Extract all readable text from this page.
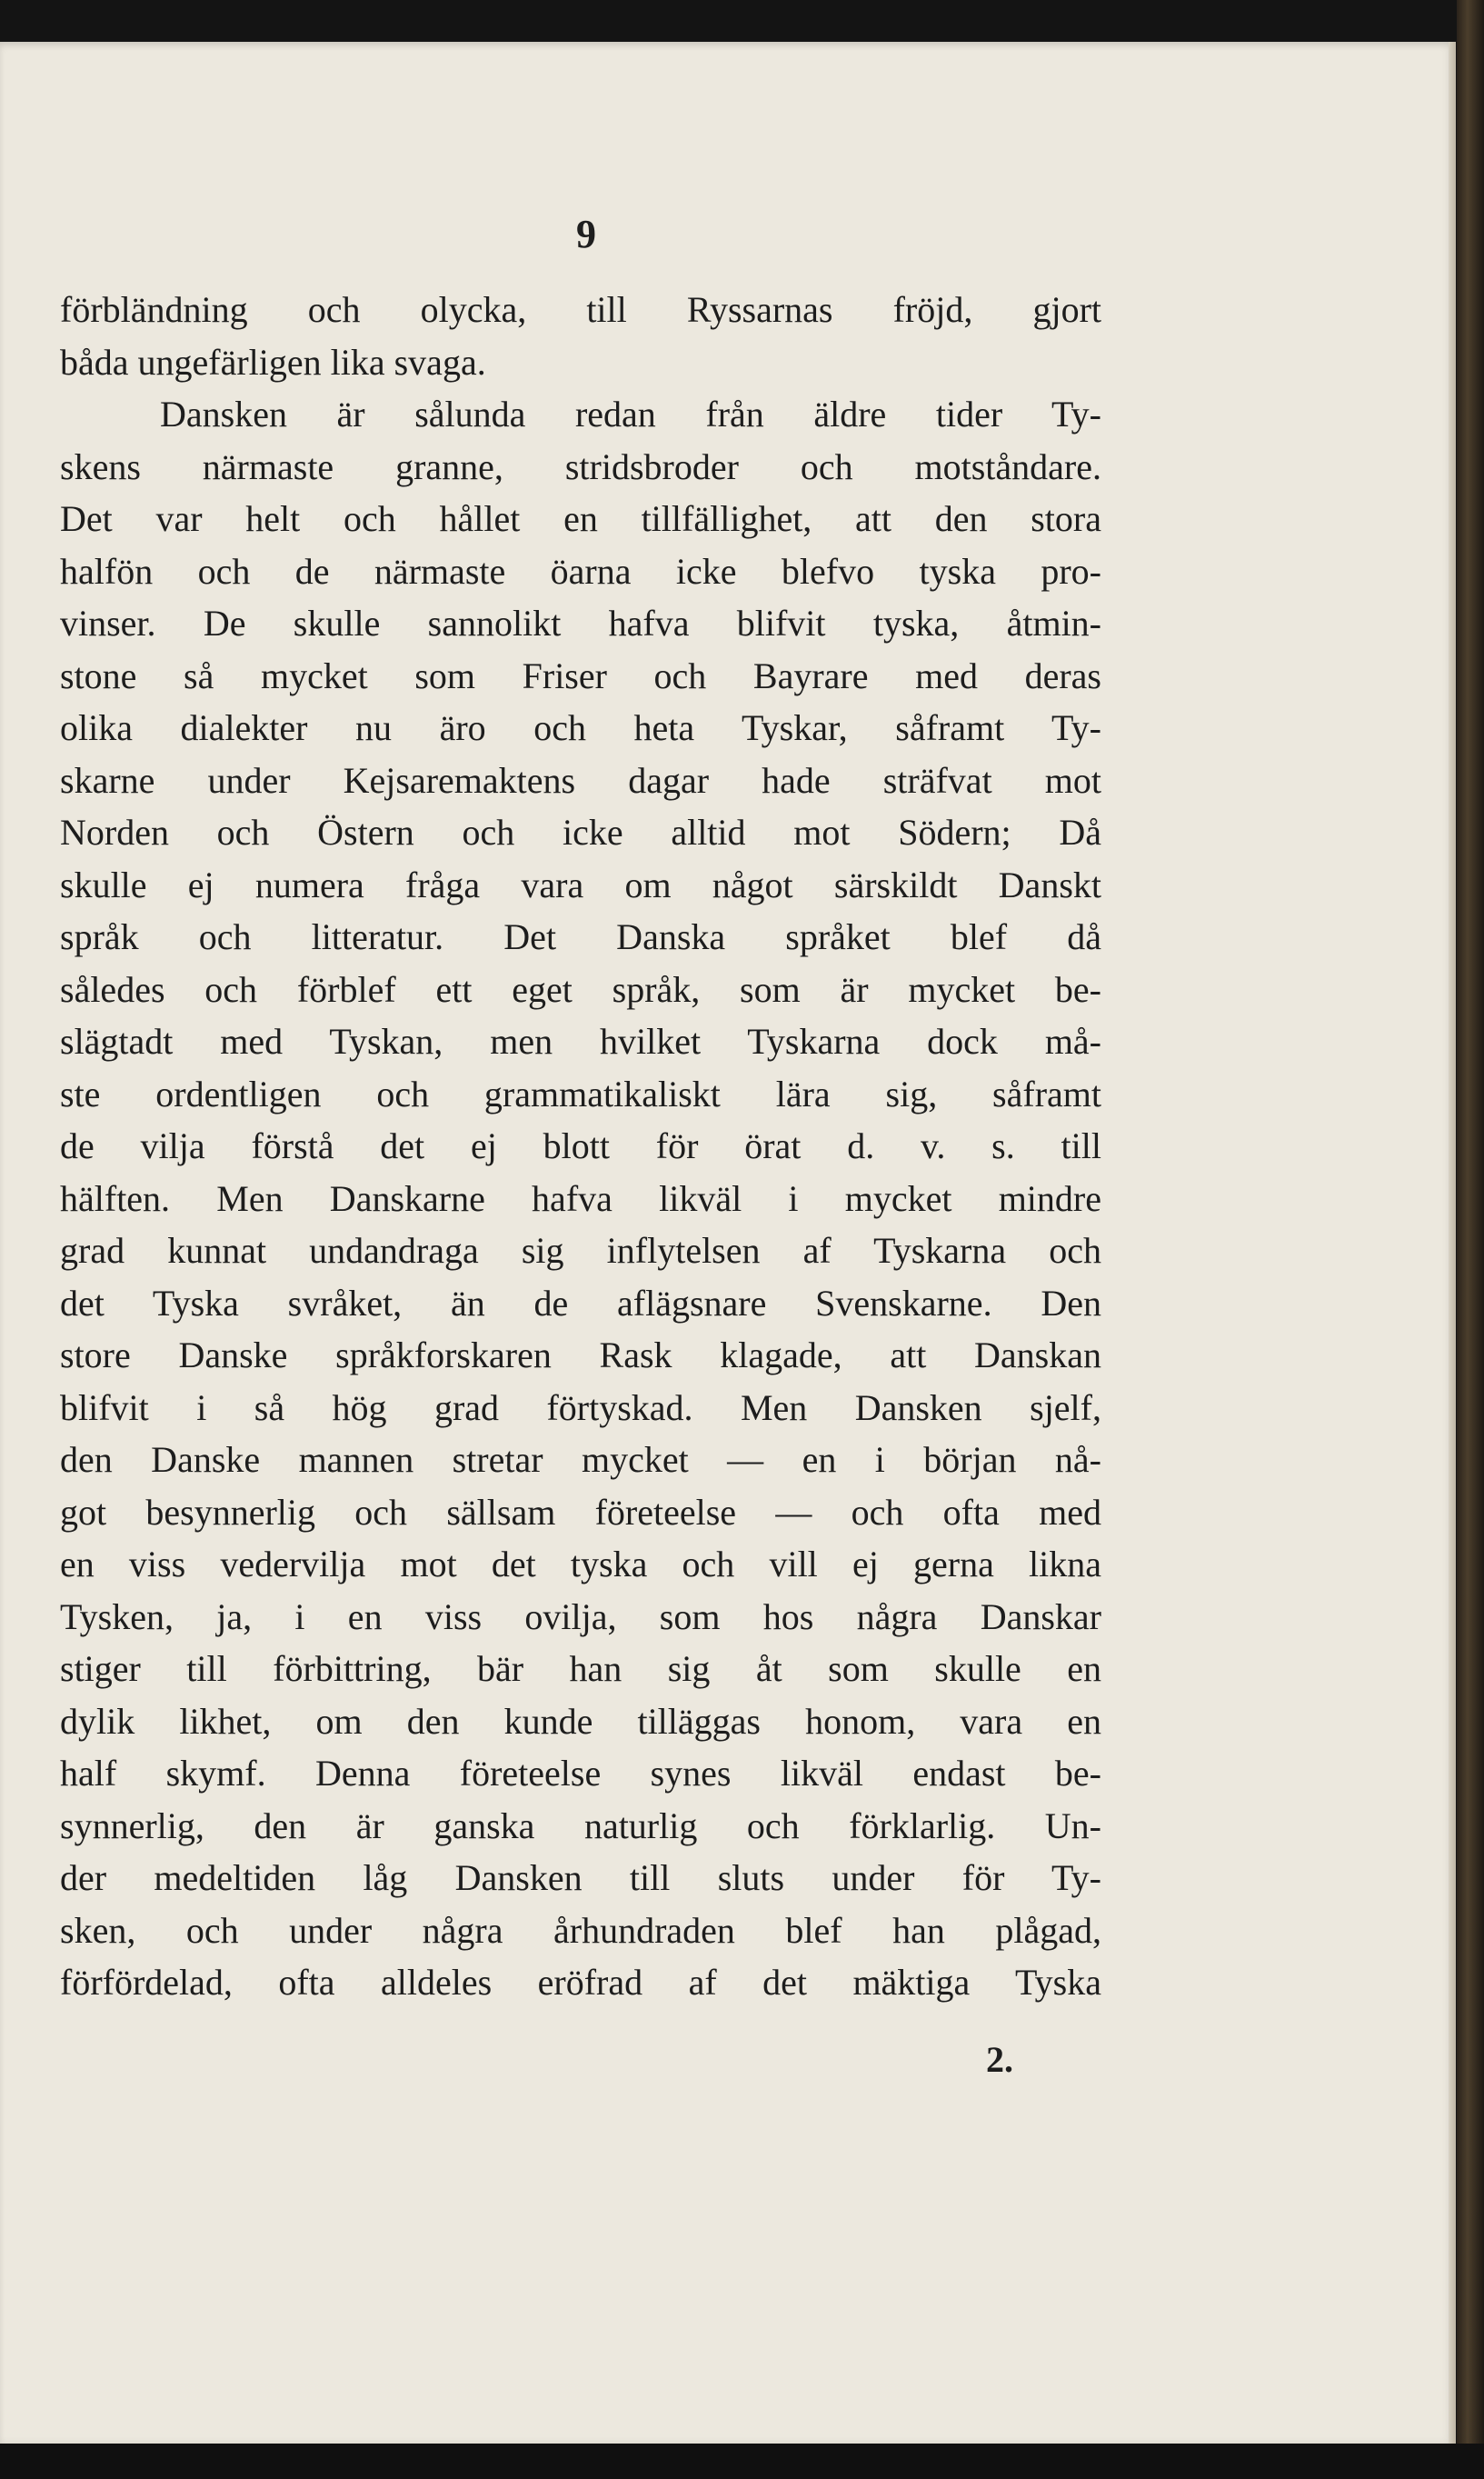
9

förbländning och olycka, till Ryssarnas fröjd, gjort
båda ungefärligen lika svaga.
Dansken är sålunda redan från äldre tider Ty-
skens närmaste granne, stridsbroder och motståndare.
Det var helt och hållet en tillfällighet, att den stora
halfön och de närmaste öarna icke blefvo tyska pro-
vinser. De skulle sannolikt hafva blifvit tyska, åtmin-
stone så mycket som Friser och Bayrare med deras
olika dialekter nu äro och heta Tyskar, såframt Ty-
skarne under Kejsaremaktens dagar hade sträfvat mot
Norden och Östern och icke alltid mot Södern; Då
skulle ej numera fråga vara om något särskildt Danskt
språk och litteratur. Det Danska språket blef då
således och förblef ett eget språk, som är mycket be-
slägtadt med Tyskan, men hvilket Tyskarna dock må-
ste ordentligen och grammatikaliskt lära sig, såframt
de vilja förstå det ej blott för örat d. v. s. till
hälften. Men Danskarne hafva likväl i mycket mindre
grad kunnat undandraga sig inflytelsen af Tyskarna och
det Tyska svråket, än de aflägsnare Svenskarne. Den
store Danske språkforskaren Rask klagade, att Danskan
blifvit i så hög grad förtyskad. Men Dansken sjelf,
den Danske mannen stretar mycket — en i början nå-
got besynnerlig och sällsam företeelse — och ofta med
en viss vedervilja mot det tyska och vill ej gerna likna
Tysken, ja, i en viss ovilja, som hos några Danskar
stiger till förbittring, bär han sig åt som skulle en
dylik likhet, om den kunde tilläggas honom, vara en
half skymf. Denna företeelse synes likväl endast be-
synnerlig, den är ganska naturlig och förklarlig. Un-
der medeltiden låg Dansken till sluts under för Ty-
sken, och under några århundraden blef han plågad,
förfördelad, ofta alldeles eröfrad af det mäktiga Tyska
2.
